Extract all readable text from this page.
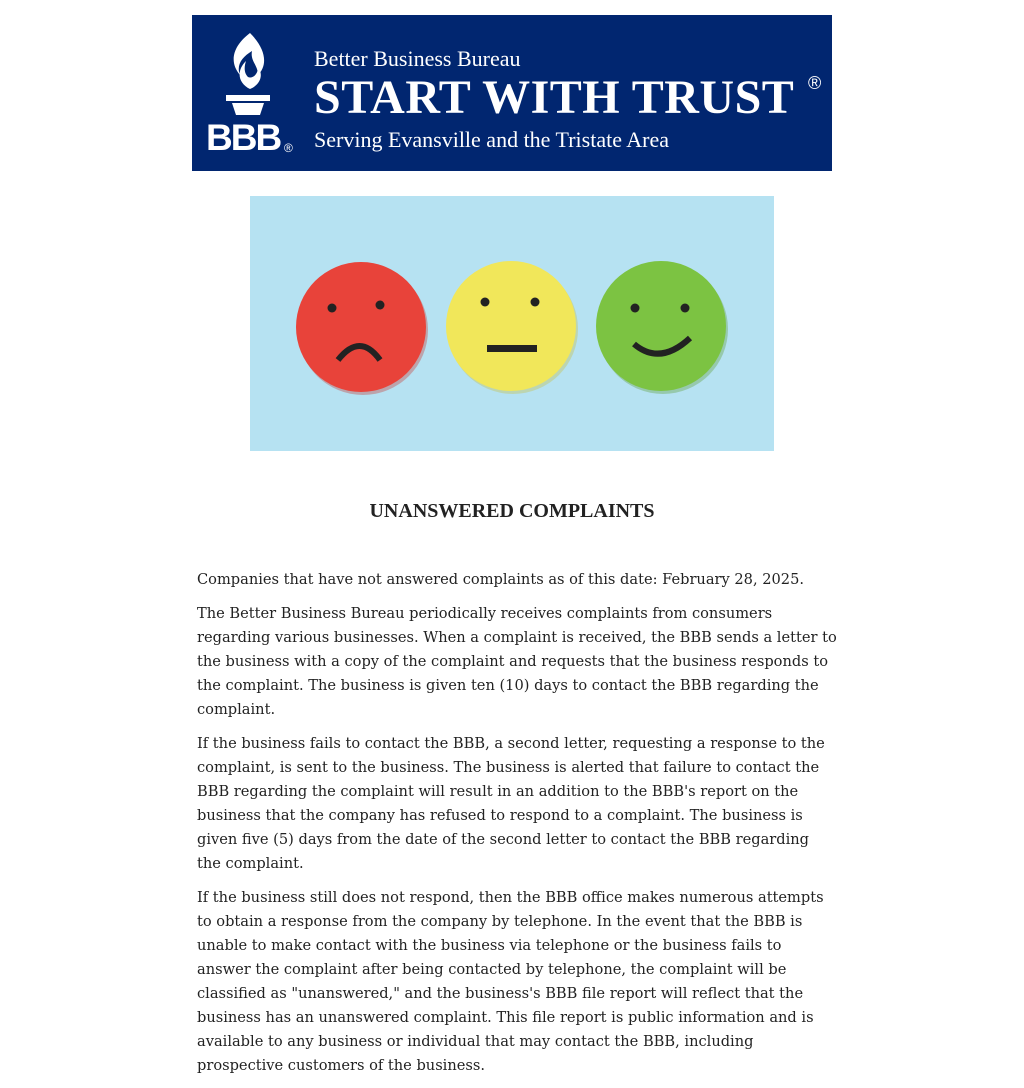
BBB ®
Better Business Bureau
START WITH TRUST ®
Serving Evansville and the Tristate Area
UNANSWERED COMPLAINTS

Companies that have not answered complaints as of this date: February 28, 2025.

The Better Business Bureau periodically receives complaints from consumers regarding various businesses. When a complaint is received, the BBB sends a letter to the business with a copy of the complaint and requests that the business responds to the complaint. The business is given ten (10) days to contact the BBB regarding the complaint.

If the business fails to contact the BBB, a second letter, requesting a response to the complaint, is sent to the business. The business is alerted that failure to contact the BBB regarding the complaint will result in an addition to the BBB's report on the business that the company has refused to respond to a complaint. The business is given five (5) days from the date of the second letter to contact the BBB regarding the complaint.

If the business still does not respond, then the BBB office makes numerous attempts to obtain a response from the company by telephone. In the event that the BBB is unable to make contact with the business via telephone or the business fails to answer the complaint after being contacted by telephone, the complaint will be classified as "unanswered," and the business's BBB file report will reflect that the business has an unanswered complaint. This file report is public information and is available to any business or individual that may contact the BBB, including prospective customers of the business.
